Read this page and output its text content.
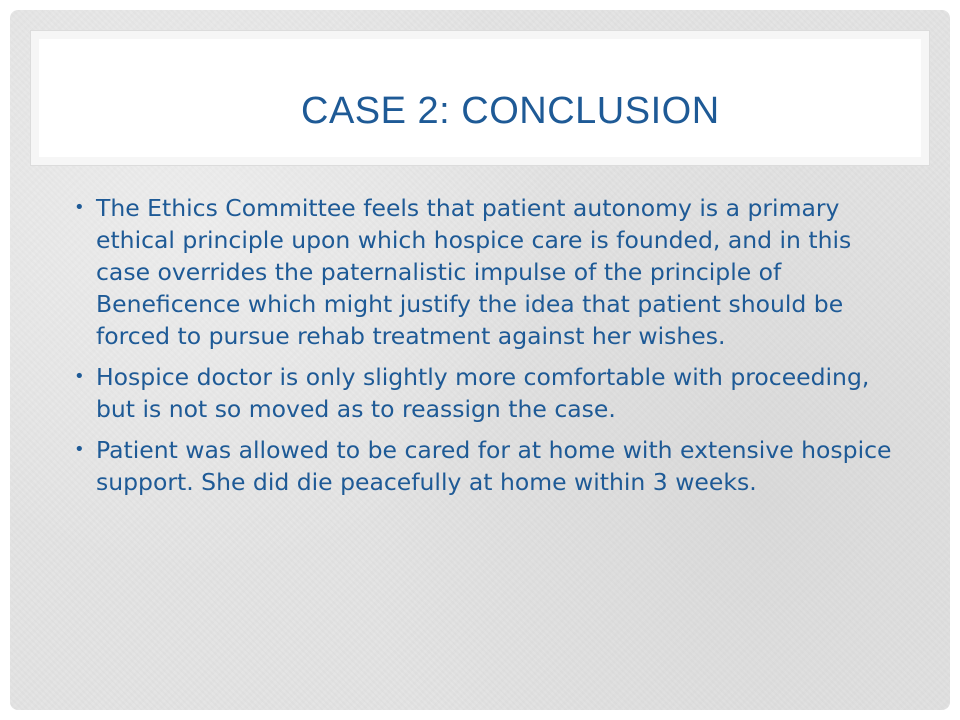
CASE 2: CONCLUSION
• The Ethics Committee feels that patient autonomy is a primary ethical principle upon which hospice care is founded, and in this case overrides the paternalistic impulse of the principle of Beneficence which might justify the idea that patient should be forced to pursue rehab treatment against her wishes.
• Hospice doctor is only slightly more comfortable with proceeding, but is not so moved as to reassign the case.
• Patient was allowed to be cared for at home with extensive hospice support. She did die peacefully at home within 3 weeks.
